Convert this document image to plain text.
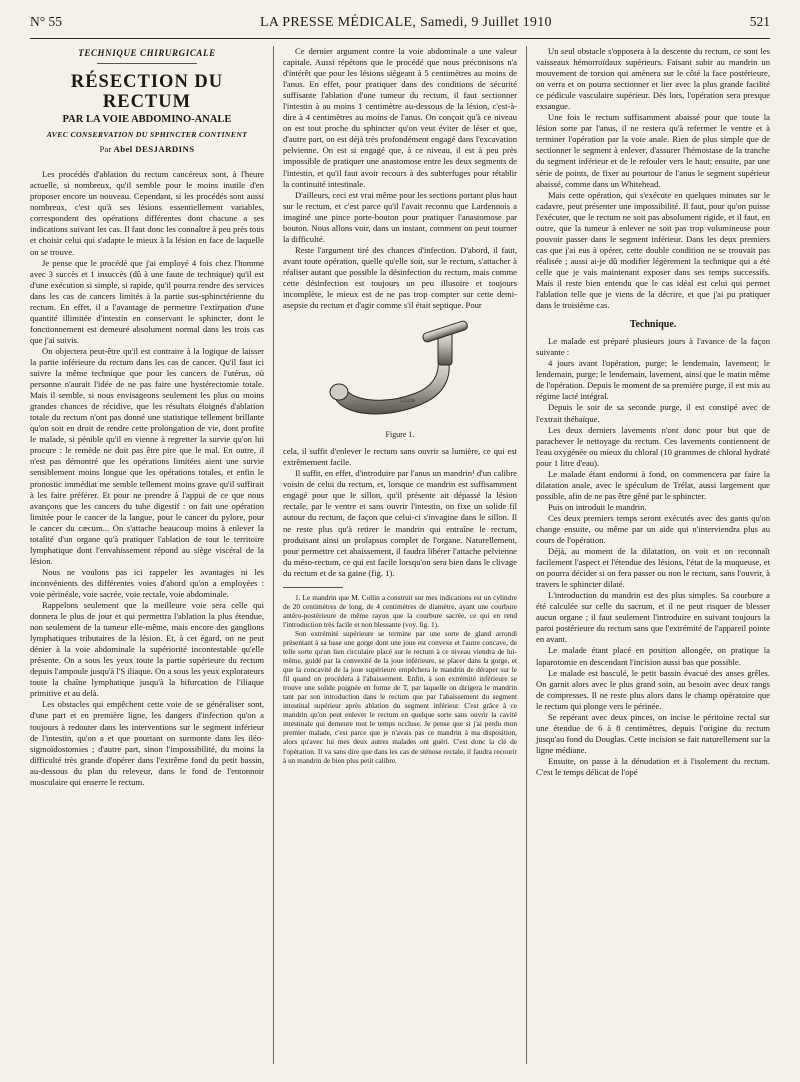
N° 55	LA PRESSE MÉDICALE, Samedi, 9 Juillet 1910	521
TECHNIQUE CHIRURGICALE
RÉSECTION DU RECTUM
PAR LA VOIE ABDOMINO-ANALE
AVEC CONSERVATION DU SPHINCTER CONTINENT
Par Abel DESJARDINS

Les procédés d'ablation du rectum cancéreux sont, à l'heure actuelle, si nombreux, qu'il semble pour le moins inutile d'en proposer encore un nouveau. Cependant, si les procédés sont aussi nombreux, c'est qu'à ses lésions essentiellement variables, correspondent des opérations différentes dont chacune a ses indications suivant les cas. Il faut donc les connaître à peu près tous et choisir celui qui s'adapte le mieux à la lésion en face de laquelle on se trouve.

Je pense que le procédé que j'ai employé 4 fois chez l'homme avec 3 succès et 1 insuccès (dû à une faute de technique) qu'il est d'une exécution si simple, si rapide, qu'il pourra rendre des services dans les cas de cancers limités à la partie sus-sphinctérienne du rectum. En effet, il a l'avantage de permettre l'extirpation d'une quantité illimitée d'intestin en conservant le sphincter, dont le fonctionnement est demeuré absolument normal dans les trois cas que j'ai suivis.

On objectera peut-être qu'il est contraire à la logique de laisser la partie inférieure du rectum dans les cas de cancer. Qu'il faut ici suivre la même technique que pour les cancers de l'utérus, où personne n'aurait l'idée de ne pas faire une hystérectomie totale. Mais il semble, si nous envisageons seulement les plus ou moins grandes chances de récidive, que les résultats éloignés d'ablation totale du rectum n'ont pas donné une statistique tellement brillante qu'on soit en droit de rendre cette prolongation de vie, dont profite le malade, si pénible qu'il en vienne à regretter la survie qu'on lui procure : le remède ne doit pas être pire que le mal. En outre, il n'est pas démontré que les opérations limitées aient une survie sensiblement moins longue que les opérations totales, et enfin le pronostic immédiat me semble tellement moins grave qu'il suffirait à les faire préférer. Et pour ne prendre à l'appui de ce que nous avançons que les cancers du tube digestif : on fait une opération limitée pour le cancer de la langue, pour le cancer du pylore, pour le cancer du cæcum... On s'attache beaucoup moins à enlever la totalité d'un organe qu'à pratiquer l'ablation de tout le territoire lymphatique dont l'envahissement répond au siège viscéral de la lésion.

Nous ne voulons pas ici rappeler les avantages ni les inconvénients des différentes voies d'abord qu'on a employées : voie périnéale, voie sacrée, voie rectale, voie abdominale.

Rappelons seulement que la meilleure voie sera celle qui donnera le plus de jour et qui permettra l'ablation la plus étendue, non seulement de la tumeur elle-même, mais encore des ganglions lymphatiques tributaires de la lésion. Et, à cet égard, on ne peut dénier à la voie abdominale la supériorité incontestable qu'elle présente. On a sous les yeux toute la partie supérieure du rectum depuis l'ampoule jusqu'à l'S iliaque. On a sous les yeux explorateurs toute la chaîne lymphatique jusqu'à la bifurcation de l'iliaque primitive et au delà.

Les obstacles qui empêchent cette voie de se généraliser sont, d'une part et en première ligne, les dangers d'infection qu'on a toujours à redouter dans les interventions sur le segment inférieur de l'intestin, qu'on a et que pourtant on surmonte dans les iléo-sigmoïdostomies ; d'autre part, sinon l'impossibilité, du moins la difficulté très grande d'opérer dans l'extrême fond du petit bassin, au-dessous du plan du releveur, dans le fond de l'entonnoir musculaire qui enserre le rectum.

Ce dernier argument contre la voie abdominale a une valeur capitale. Aussi répétons que le procédé que nous préconisons n'a d'intérêt que pour les lésions siégeant à 5 centimètres au moins de l'anus. En effet, pour pratiquer dans des conditions de sécurité suffisante l'ablation d'une tumeur du rectum, il faut sectionner l'intestin à au moins 1 centimètre au-dessous de la lésion, c'est-à-dire à 4 centimètres au moins de l'anus. On conçoit qu'à ce niveau on est tout proche du sphincter qu'on veut éviter de léser et que, d'autre part, on est déjà très profondément engagé dans l'excavation pelvienne. On est si engagé que, à ce niveau, il est à peu près impossible de pratiquer une anastomose entre les deux segments de l'intestin, et qu'il faut avoir recours à des subterfuges pour rétablir la continuité intestinale.

D'ailleurs, ceci est vrai même pour les sections portant plus haut sur le rectum, et c'est parce qu'il l'avait reconnu que Lardennois a imaginé une pince porte-bouton pour pratiquer l'anastomose par bouton. Nous allons voir, dans un instant, comment on peut tourner la difficulté.

Reste l'argument tiré des chances d'infection. D'abord, il faut, avant toute opération, quelle qu'elle soit, sur le rectum, s'attacher à réaliser autant que possible la désinfection du rectum, mais comme cette désinfection est toujours un peu illusoire et toujours incomplète, le mieux est de ne pas trop compter sur cette demi-asepsie du rectum et d'agir comme s'il était septique. Pour

COLLIN
Figure 1.

cela, il suffit d'enlever le rectum sans ouvrir sa lumière, ce qui est extrêmement facile.

Il suffit, en effet, d'introduire par l'anus un mandrin¹ d'un calibre voisin de celui du rectum, et, lorsque ce mandrin est suffisamment engagé pour que le sillon, qu'il présente ait dépassé la lésion rectale, par le ventre et sans ouvrir l'intestin, on fixe un solide fil autour du rectum, de façon que celui-ci s'invagine dans le sillon. Il ne reste plus qu'à retirer le mandrin qui entraîne le rectum, produisant ainsi un prolapsus complet de l'organe. Naturellement, pour permettre cet abaissement, il faudra libérer l'attache pelvienne du méso-rectum, ce qui est facile lorsqu'on sera bien dans le clivage du rectum et de sa gaine (fig. 1).

1. Le mandrin que M. Collin a construit sur mes indications est un cylindre de 20 centimètres de long, de 4 centimètres de diamètre, ayant une courbure antéro-postérieure de même rayon que la courbure sacrée, ce qui en rend l'introduction très facile et non blessante (voy. fig. 1).

Son extrémité supérieure se termine par une sorte de gland arrondi présentant à sa base une gorge dont une joue est convexe et l'autre concave, de telle sorte qu'un lien circulaire placé sur le rectum à ce niveau viendra de lui-même, guidé par la convexité de la joue inférieure, se placer dans la gorge, et que la concavité de la joue supérieure empêchera le mandrin de déraper sur le fil quand on procédera à l'abaissement. Enfin, à son extrémité inférieure se trouve une solide poignée en forme de T, par laquelle on dirigera le mandrin tant par son introduction dans le rectum que par l'abaissement du segment intestinal supérieur après ablation du segment inférieur. C'est grâce à ce mandrin qu'on peut enlever le rectum en quelque sorte sans ouvrir la cavité intestinale qui demeure tout le temps occluse. Je pense que si j'ai perdu mon premier malade, c'est parce que je n'avais pas ce mandrin à ma disposition, alors qu'avec lui mes deux autres malades ont guéri. C'est donc la clé de l'opération. Il va sans dire que dans les cas de sténose rectale, il faudra recourir à un mandrin de bien plus petit calibre.

Un seul obstacle s'opposera à la descente du rectum, ce sont les vaisseaux hémorroïdaux supérieurs. Faisant subir au mandrin un mouvement de torsion qui amènera sur le côté la face postérieure, on verra et on pourra sectionner et lier avec la plus grande facilité ce pédicule vasculaire supérieur. Dès lors, l'opération sera presque exsangue.

Une fois le rectum suffisamment abaissé pour que toute la lésion sorte par l'anus, il ne restera qu'à refermer le ventre et à terminer l'opération par la voie anale. Rien de plus simple que de sectionner le segment à enlever, d'assurer l'hémostase de la tranche du segment inférieur et de le refouler vers le haut; ensuite, par une série de points, de fixer au pourtour de l'anus le segment supérieur abaissé, comme dans un Whitehead.

Mais cette opération, qui s'exécute en quelques minutes sur le cadavre, peut présenter une impossibilité. Il faut, pour qu'on puisse l'exécuter, que le rectum ne soit pas absolument rigide, et il faut, en outre, que la tumeur à enlever ne soit pas trop volumineuse pour pouvoir passer dans le segment inférieur. Dans les deux premiers cas que j'ai eus à opérer, cette double condition ne se trouvait pas réalisée ; aussi ai-je dû modifier légèrement la technique qui a été celle que je vais maintenant exposer dans ses temps successifs. Mais il reste bien entendu que le cas idéal est celui qui permet l'ablation telle que je viens de la décrire, et que j'ai pu pratiquer dans le troisième cas.

Technique.

Le malade est préparé plusieurs jours à l'avance de la façon suivante :

4 jours avant l'opération, purge; le lendemain, lavement; le lendemain, purge; le lendemain, lavement, ainsi que le matin même de l'opération. Depuis le moment de sa première purge, il est mis au régime lacté intégral.

Depuis le soir de sa seconde purge, il est constipé avec de l'extrait thébaïque.

Les deux derniers lavements n'ont donc pour but que de parachever le nettoyage du rectum. Ces lavements contiennent de l'eau oxygénée ou mieux du chloral (10 grammes de chloral hydraté pour 1 litre d'eau).

Le malade étant endormi à fond, on commencera par faire la dilatation anale, avec le spéculum de Trélat, aussi largement que possible, afin de ne pas être gêné par le sphincter.

Puis on introduit le mandrin.

Ces deux premiers temps seront exécutés avec des gants qu'on change ensuite, ou même par un aide qui n'interviendra plus au cours de l'opération.

Déjà, au moment de la dilatation, on voit et on reconnaît facilement l'aspect et l'étendue des lésions, l'état de la muqueuse, et on pourra décider si on fera passer ou non le rectum, sans l'ouvrir, à travers le sphincter dilaté.

L'introduction du mandrin est des plus simples. Sa courbure a été calculée sur celle du sacrum, et il ne peut risquer de blesser aucun organe ; il faut seulement l'introduire en suivant toujours la paroi postérieure du rectum sans que l'extrémité de l'appareil pointe en avant.

Le malade étant placé en position allongée, on pratique la laparotomie en descendant l'incision aussi bas que possible.

Le malade est basculé, le petit bassin évacué des anses grêles. On garnit alors avec le plus grand soin, au besoin avec deux rangs de compresses. Il ne reste plus alors dans le champ opératoire que le rectum qui plonge vers le périnée.

Se repérant avec deux pinces, on incise le péritoine rectal sur une étendue de 6 à 8 centimètres, depuis l'origine du rectum jusqu'au fond du Douglas. Cette incision se fait naturellement sur la ligne médiane.

Ensuite, on passe à la dénudation et à l'isolement du rectum. C'est le temps délicat de l'opé
